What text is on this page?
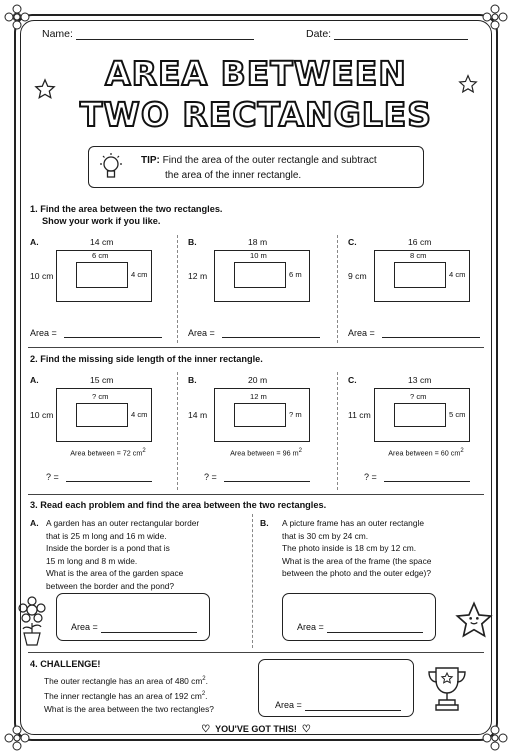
Name:	Date:
AREA BETWEEN
TWO RECTANGLES
TIP: Find the area of the outer rectangle and subtract
the area of the inner rectangle.
1. Find the area between the two rectangles.
Show your work if you like.
A.	14 cm
10 cm
6 cm
4 cm
Area =
B.	18 m
12 m
10 m
6 m
Area =
C.	16 cm
9 cm
8 cm
4 cm
Area =
2. Find the missing side length of the inner rectangle.
A.	15 cm
10 cm
? cm
4 cm
Area between = 72 $cm^2$
? =
B.	20 m
14 m
12 m
? m
Area between = 96 $m^2$
? =
C.	13 cm
11 cm
? cm
5 cm
Area between = 60 $cm^2$
? =
3. Read each problem and find the area between the two rectangles.
A. A garden has an outer rectangular border
that is 25 m long and 16 m wide.
Inside the border is a pond that is
15 m long and 8 m wide.
What is the area of the garden space
between the border and the pond?
B. A picture frame has an outer rectangle
that is 30 cm by 24 cm.
The photo inside is 18 cm by 12 cm.
What is the area of the frame (the space
between the photo and the outer edge)?
Area =	Area =
4. CHALLENGE!
The outer rectangle has an area of 480 $cm^2$.
The inner rectangle has an area of 192 $cm^2$.
What is the area between the two rectangles?	Area =
♡ YOU'VE GOT THIS! ♡
